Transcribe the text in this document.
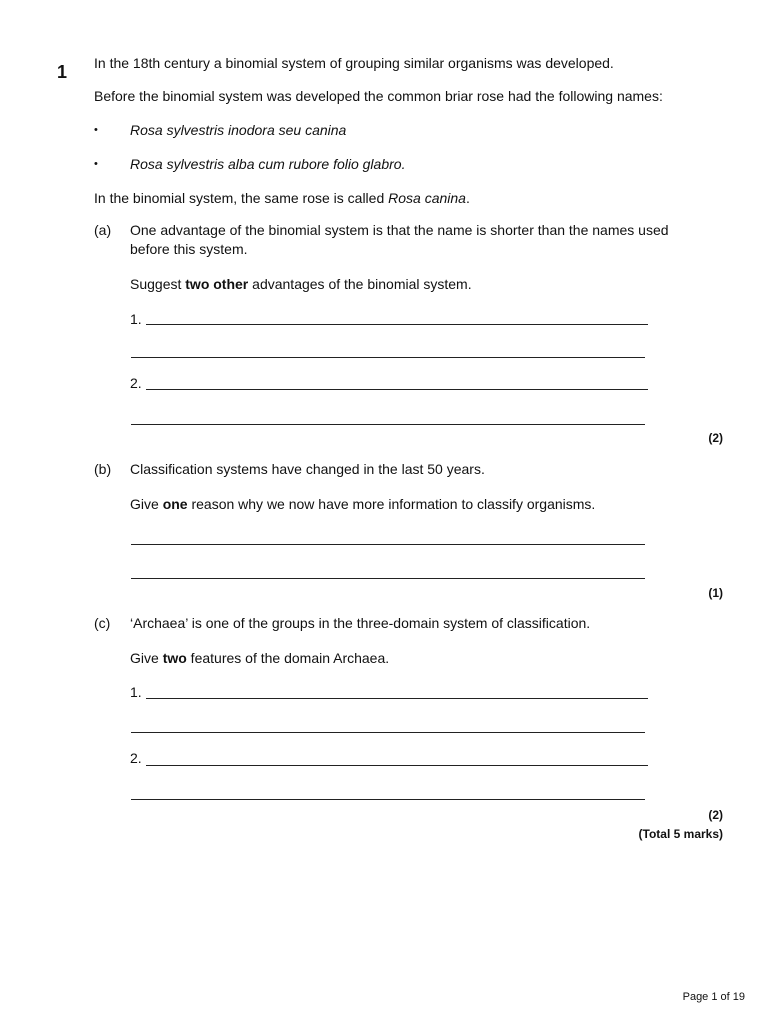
1 In the 18th century a binomial system of grouping similar organisms was developed.
Before the binomial system was developed the common briar rose had the following names:
• Rosa sylvestris inodora seu canina
• Rosa sylvestris alba cum rubore folio glabro.
In the binomial system, the same rose is called Rosa canina.
(a) One advantage of the binomial system is that the name is shorter than the names used
before this system.
Suggest two other advantages of the binomial system.
1.
2.
(2)
(b) Classification systems have changed in the last 50 years.
Give one reason why we now have more information to classify organisms.
(1)
(c) ‘Archaea’ is one of the groups in the three-domain system of classification.
Give two features of the domain Archaea.
1.
2.
(2)
(Total 5 marks)
Page 1 of 19
